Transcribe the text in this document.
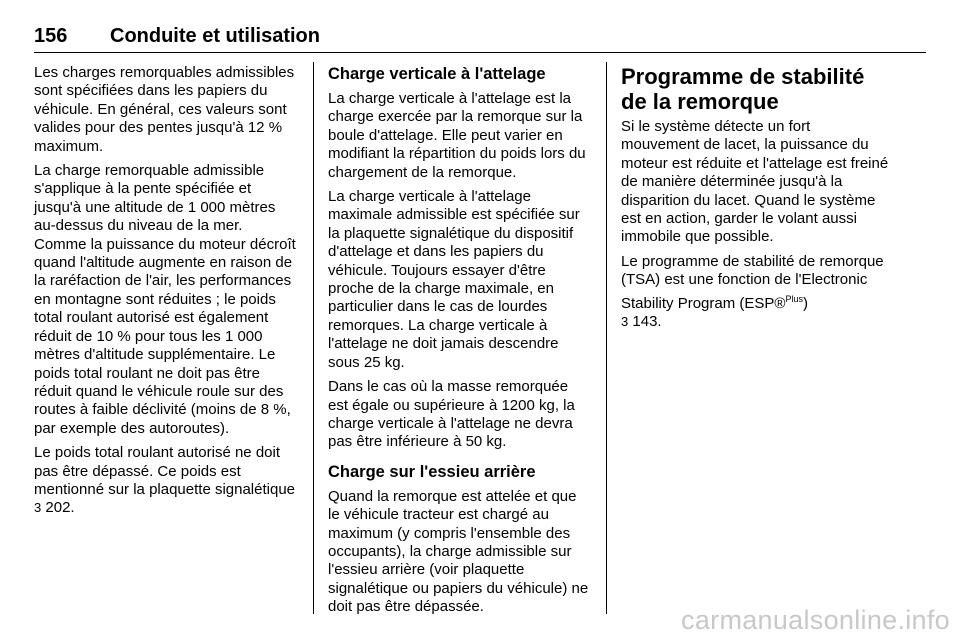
156 Conduite et utilisation

Les charges remorquables admissibles sont spécifiées dans les papiers du véhicule. En général, ces valeurs sont valides pour des pentes jusqu'à 12 % maximum.

La charge remorquable admissible s'applique à la pente spécifiée et jusqu'à une altitude de 1 000 mètres au-dessus du niveau de la mer. Comme la puissance du moteur décroît quand l'altitude augmente en raison de la raréfaction de l'air, les performances en montagne sont réduites ; le poids total roulant autorisé est également réduit de 10 % pour tous les 1 000 mètres d'altitude supplémentaire. Le poids total roulant ne doit pas être réduit quand le véhicule roule sur des routes à faible déclivité (moins de 8 %, par exemple des autoroutes).

Le poids total roulant autorisé ne doit pas être dépassé. Ce poids est mentionné sur la plaquette signalétique
3 202.

Charge verticale à l'attelage

La charge verticale à l'attelage est la charge exercée par la remorque sur la boule d'attelage. Elle peut varier en modifiant la répartition du poids lors du chargement de la remorque.

La charge verticale à l'attelage maximale admissible est spécifiée sur la plaquette signalétique du dispositif d'attelage et dans les papiers du véhicule. Toujours essayer d'être proche de la charge maximale, en particulier dans le cas de lourdes remorques. La charge verticale à l'attelage ne doit jamais descendre sous 25 kg.

Dans le cas où la masse remorquée est égale ou supérieure à 1200 kg, la charge verticale à l'attelage ne devra pas être inférieure à 50 kg.

Charge sur l'essieu arrière

Quand la remorque est attelée et que le véhicule tracteur est chargé au maximum (y compris l'ensemble des occupants), la charge admissible sur l'essieu arrière (voir plaquette signalétique ou papiers du véhicule) ne doit pas être dépassée.

Programme de stabilité de la remorque

Si le système détecte un fort mouvement de lacet, la puissance du moteur est réduite et l'attelage est freiné de manière déterminée jusqu'à la disparition du lacet. Quand le système est en action, garder le volant aussi immobile que possible.

Le programme de stabilité de remorque (TSA) est une fonction de l'Electronic Stability Program (ESP®$^{Plus}$)
3 143.

carmanualsonline.info
